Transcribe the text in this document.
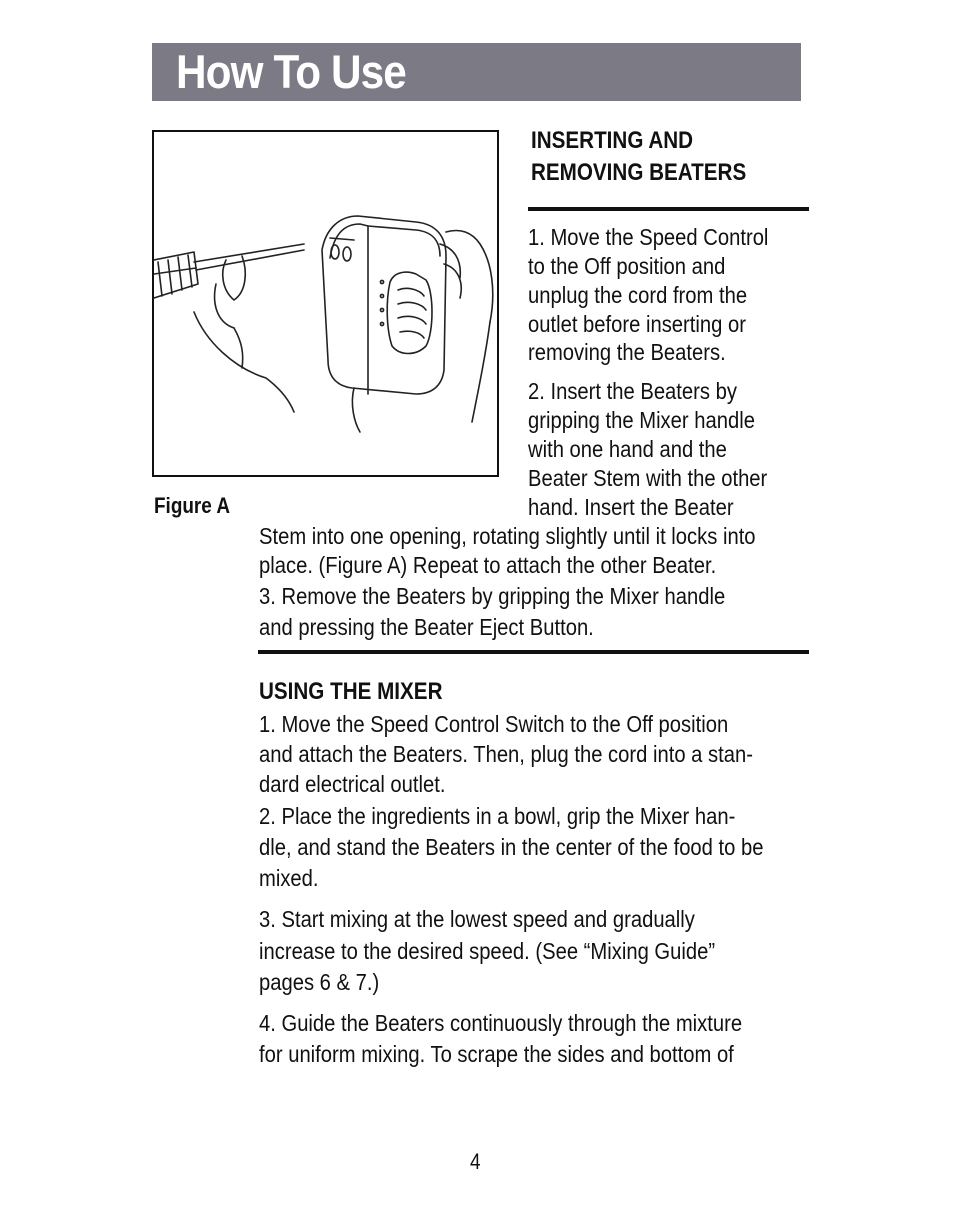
How To Use
Figure A
INSERTING AND
REMOVING BEATERS
1. Move the Speed Control
to the Off position and
unplug the cord from the
outlet before inserting or
removing the Beaters.
2. Insert the Beaters by
gripping the Mixer handle
with one hand and the
Beater Stem with the other
hand. Insert the Beater
Stem into one opening, rotating slightly until it locks into
place. (Figure A) Repeat to attach the other Beater.
3. Remove the Beaters by gripping the Mixer handle
and pressing the Beater Eject Button.
USING THE MIXER
1. Move the Speed Control Switch to the Off position
and attach the Beaters. Then, plug the cord into a stan-
dard electrical outlet.
2. Place the ingredients in a bowl, grip the Mixer han-
dle, and stand the Beaters in the center of the food to be
mixed.
3. Start mixing at the lowest speed and gradually
increase to the desired speed. (See “Mixing Guide”
pages 6 & 7.)
4. Guide the Beaters continuously through the mixture
for uniform mixing. To scrape the sides and bottom of
4
